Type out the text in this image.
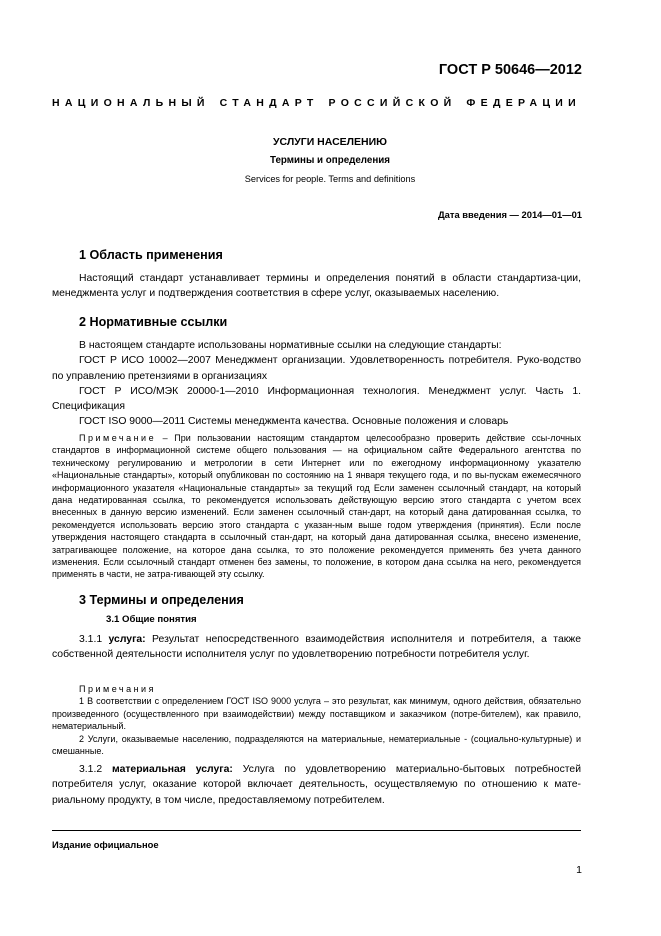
ГОСТ Р 50646—2012
НАЦИОНАЛЬНЫЙ СТАНДАРТ РОССИЙСКОЙ ФЕДЕРАЦИИ
УСЛУГИ НАСЕЛЕНИЮ
Термины и определения
Services for people. Terms and definitions
Дата введения — 2014—01—01
1 Область применения
Настоящий стандарт устанавливает термины и определения понятий в области стандартиза-ции, менеджмента услуг и подтверждения соответствия в сфере услуг, оказываемых населению.
2 Нормативные ссылки

В настоящем стандарте использованы нормативные ссылки на следующие стандарты:

ГОСТ Р ИСО 10002—2007 Менеджмент организации. Удовлетворенность потребителя. Руко-водство по управлению претензиями в организациях

ГОСТ Р ИСО/МЭК 20000-1—2010 Информационная технология. Менеджмент услуг. Часть 1. Спецификация

ГОСТ ISO 9000—2011 Системы менеджмента качества. Основные положения и словарь

Примечание – При пользовании настоящим стандартом целесообразно проверить действие ссы-лочных стандартов в информационной системе общего пользования — на официальном сайте Федерального агентства по техническому регулированию и метрологии в сети Интернет или по ежегодному информационному указателю «Национальные стандарты», который опубликован по состоянию на 1 января текущего года, и по вы-пускам ежемесячного информационного указателя «Национальные стандарты» за текущий год Если заменен ссылочный стандарт, на который дана недатированная ссылка, то рекомендуется использовать действующую версию этого стандарта с учетом всех внесенных в данную версию изменений. Если заменен ссылочный стан-дарт, на который дана датированная ссылка, то рекомендуется использовать версию этого стандарта с указан-ным выше годом утверждения (принятия). Если после утверждения настоящего стандарта в ссылочный стан-дарт, на который дана датированная ссылка, внесено изменение, затрагивающее положение, на которое дана ссылка, то это положение рекомендуется применять без учета данного изменения. Если ссылочный стандарт отменен без замены, то положение, в котором дана ссылка на него, рекомендуется применять в части, не затра-гивающей эту ссылку.
3 Термины и определения
3.1 Общие понятия
3.1.1 услуга: Результат непосредственного взаимодействия исполнителя и потребителя, а также собственной деятельности исполнителя услуг по удовлетворению потребности потребителя услуг.

Примечания

1 В соответствии с определением ГОСТ ISO 9000 услуга – это результат, как минимум, одного действия, обязательно произведенного (осуществленного при взаимодействии) между поставщиком и заказчиком (потре-бителем), как правило, нематериальный.

2 Услуги, оказываемые населению, подразделяются на материальные, нематериальные - (социально-культурные) и смешанные.

3.1.2 материальная услуга: Услуга по удовлетворению материально-бытовых потребностей потребителя услуг, оказание которой включает деятельность, осуществляемую по отношению к мате-риальному продукту, в том числе, предоставляемому потребителем.
Издание официальное
1
